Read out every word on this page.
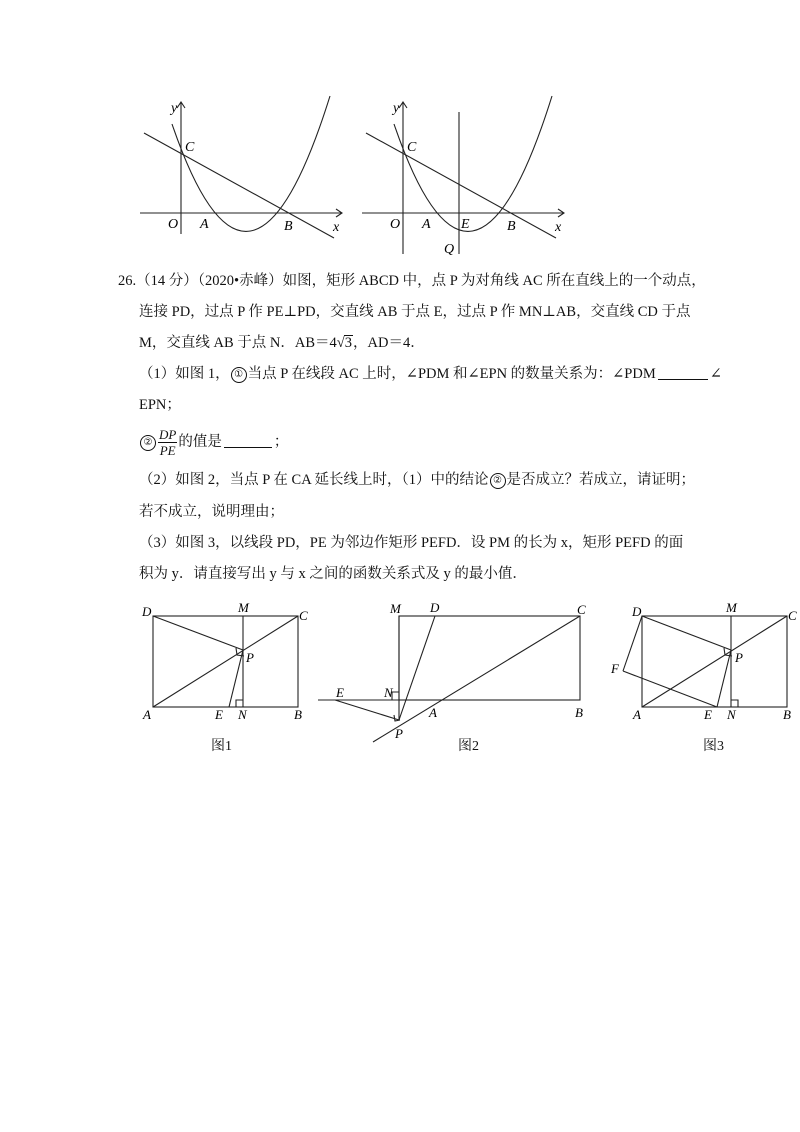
y
x
O
C
A	B
y
x
O
C
A E	B
Q
26.（14 分）（2020•赤峰）如图，矩形 ABCD 中，点 P 为对角线 AC 所在直线上的一个动点，
连接 PD，过点 P 作 PE⊥PD，交直线 AB 于点 E，过点 P 作 MN⊥AB，交直线 CD 于点
M，交直线 AB 于点 N．AB＝4√3，AD＝4．
（1）如图 1， ① 当点 P 在线段 AC 上时，∠PDM 和∠EPN 的数量关系为：∠PDM	∠
EPN；
② $\frac{DP}{PE}$ 的值是	；
（2）如图 2，当点 P 在 CA 延长线上时，（1）中的结论 ② 是否成立？若成立，请证明；
若不成立，说明理由；
（3）如图 3，以线段 PD，PE 为邻边作矩形 PEFD．设 PM 的长为 x，矩形 PEFD 的面
积为 y．请直接写出 y 与 x 之间的函数关系式及 y 的最小值．
D	M
C
P
A	E N	B
图1
M D	C
E	N
A	B
P
图2
D	M
C
P
F
A	E N	B
图3
